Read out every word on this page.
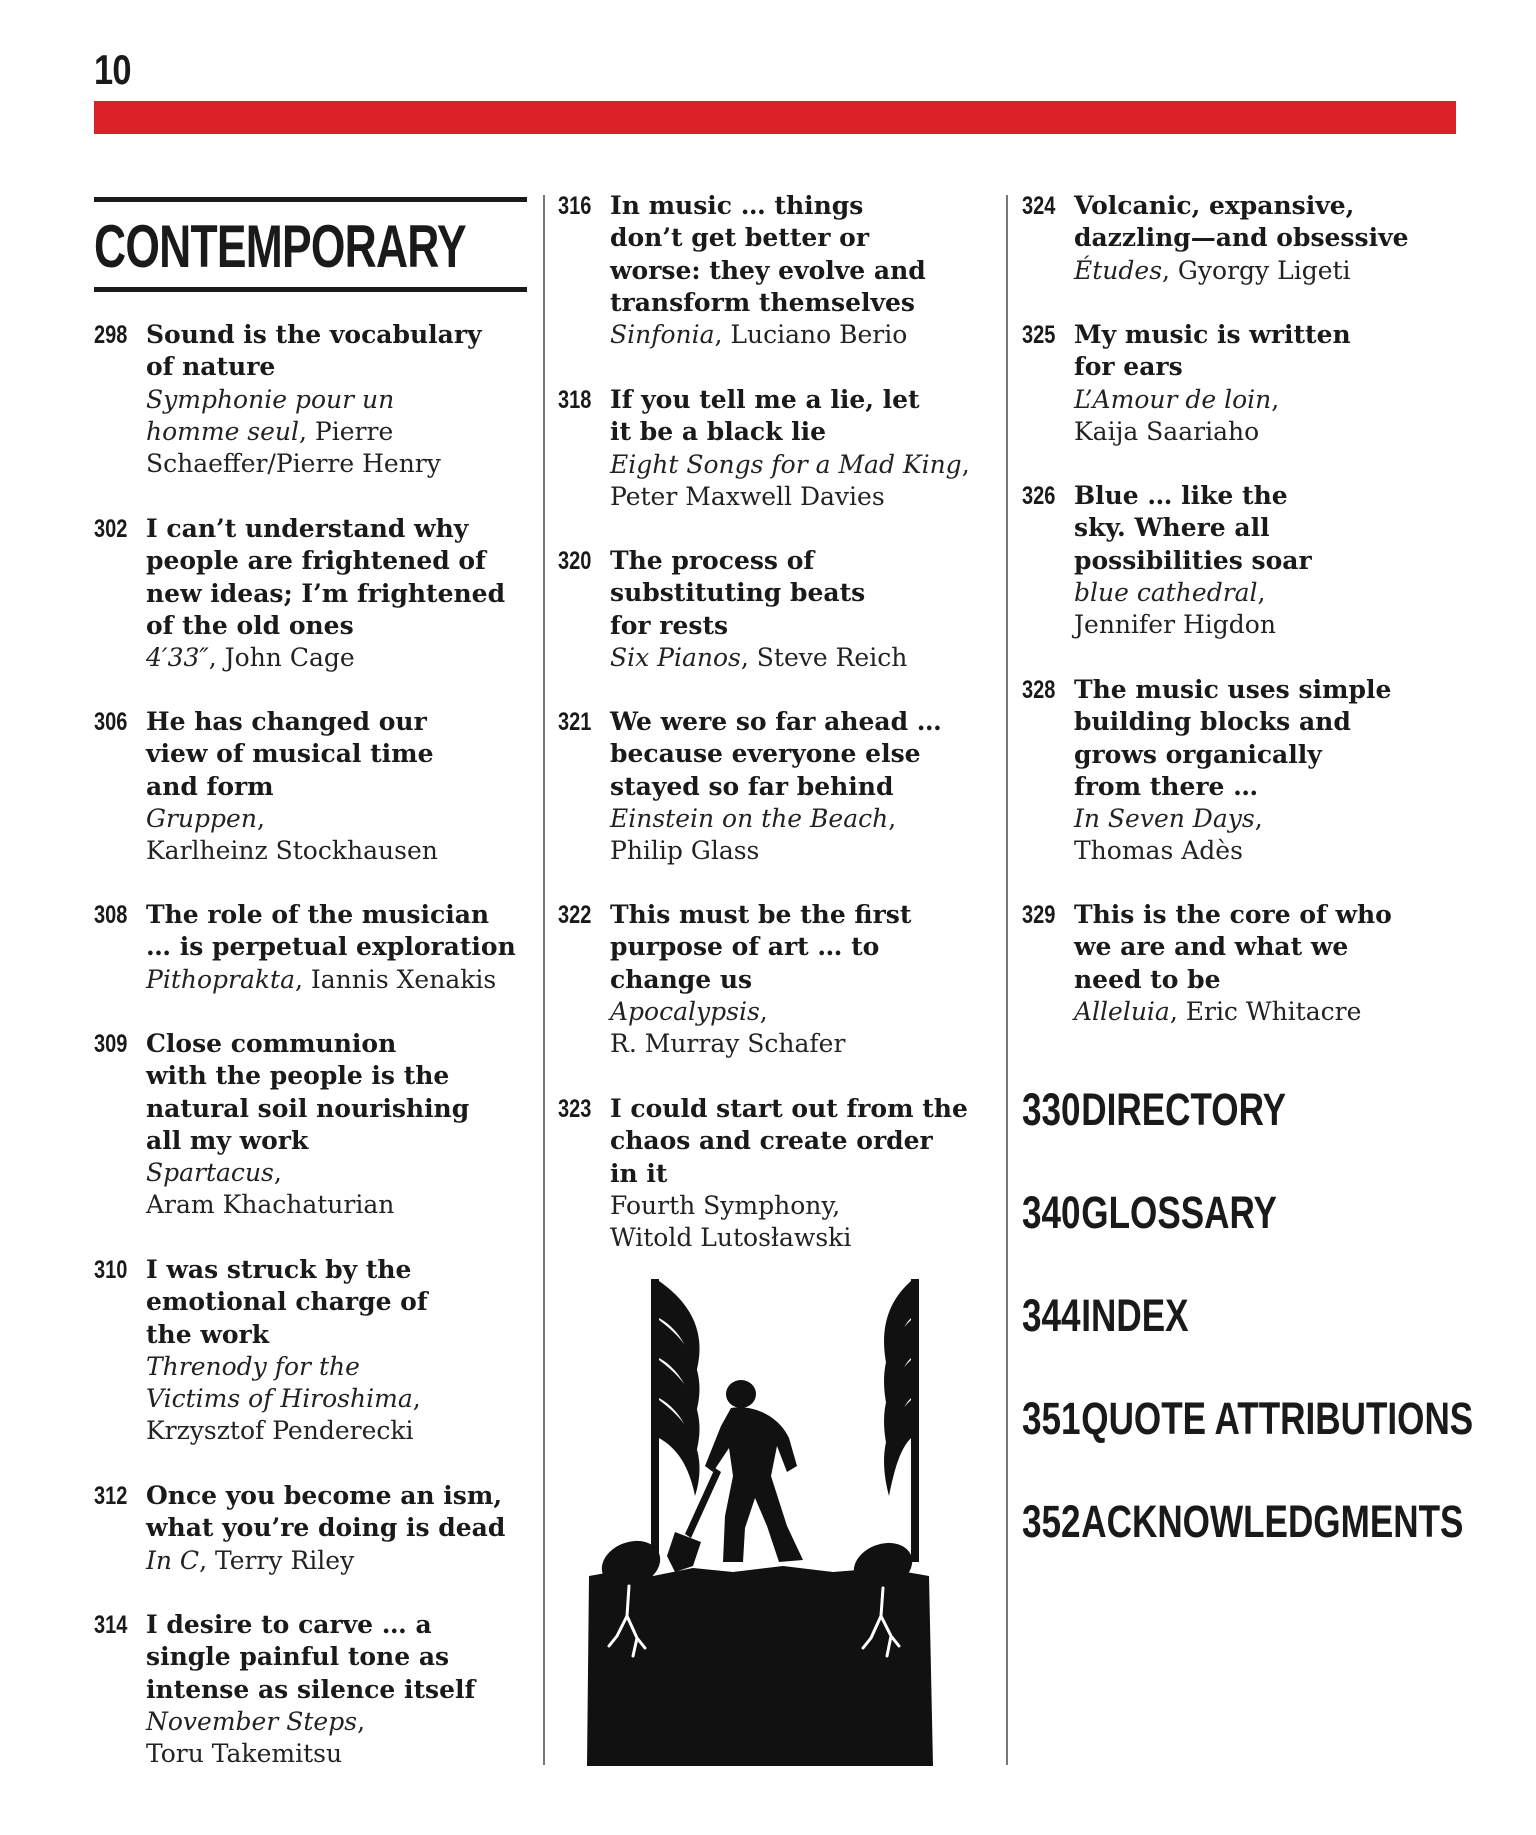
10
CONTEMPORARY
298 Sound is the vocabulary
of nature
Symphonie pour un
homme seul, Pierre
Schaeffer/Pierre Henry
302 I can’t understand why
people are frightened of
new ideas; I’m frightened
of the old ones
4′33″, John Cage
306 He has changed our
view of musical time
and form
Gruppen,
Karlheinz Stockhausen
308 The role of the musician
… is perpetual exploration
Pithoprakta, Iannis Xenakis
309 Close communion
with the people is the
natural soil nourishing
all my work
Spartacus,
Aram Khachaturian
310 I was struck by the
emotional charge of
the work
Threnody for the
Victims of Hiroshima,
Krzysztof Penderecki
312 Once you become an ism,
what you’re doing is dead
In C, Terry Riley
314 I desire to carve … a
single painful tone as
intense as silence itself
November Steps,
Toru Takemitsu
316 In music … things
don’t get better or
worse: they evolve and
transform themselves
Sinfonia, Luciano Berio
318 If you tell me a lie, let
it be a black lie
Eight Songs for a Mad King,
Peter Maxwell Davies
320 The process of
substituting beats
for rests
Six Pianos, Steve Reich
321 We were so far ahead …
because everyone else
stayed so far behind
Einstein on the Beach,
Philip Glass
322 This must be the first
purpose of art … to
change us
Apocalypsis,
R. Murray Schafer
323 I could start out from the
chaos and create order
in it
Fourth Symphony,
Witold Lutosławski
324 Volcanic, expansive,
dazzling—and obsessive
Études, Gyorgy Ligeti
325 My music is written
for ears
L’Amour de loin,
Kaija Saariaho
326 Blue … like the
sky. Where all
possibilities soar
blue cathedral,
Jennifer Higdon
328 The music uses simple
building blocks and
grows organically
from there …
In Seven Days,
Thomas Adès
329 This is the core of who
we are and what we
need to be
Alleluia, Eric Whitacre
330DIRECTORY
340GLOSSARY
344INDEX
351QUOTE ATTRIBUTIONS
352ACKNOWLEDGMENTS
